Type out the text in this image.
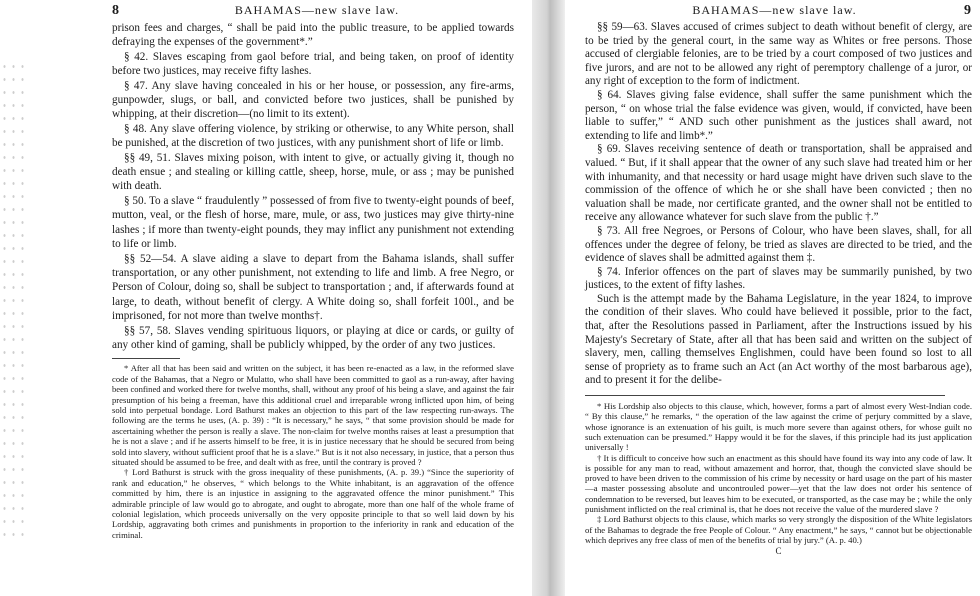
8	BAHAMAS—new slave law.

prison fees and charges, “ shall be paid into the public treasure, to be applied towards defraying the expenses of the government*.”

§ 42. Slaves escaping from gaol before trial, and being taken, on proof of identity before two justices, may receive fifty lashes.

§ 47. Any slave having concealed in his or her house, or possession, any fire-arms, gunpowder, slugs, or ball, and convicted before two justices, shall be punished by whipping, at their discretion—(no limit to its extent).

§ 48. Any slave offering violence, by striking or otherwise, to any White person, shall be punished, at the discretion of two justices, with any punishment short of life or limb.

§§ 49, 51. Slaves mixing poison, with intent to give, or actually giving it, though no death ensue ; and stealing or killing cattle, sheep, horse, mule, or ass ; may be punished with death.

§ 50. To a slave “ fraudulently ” possessed of from five to twenty-eight pounds of beef, mutton, veal, or the flesh of horse, mare, mule, or ass, two justices may give thirty-nine lashes ; if more than twenty-eight pounds, they may inflict any punishment not extending to life or limb.

§§ 52—54. A slave aiding a slave to depart from the Bahama islands, shall suffer transportation, or any other punishment, not extending to life and limb. A free Negro, or Person of Colour, doing so, shall be subject to transportation ; and, if afterwards found at large, to death, without benefit of clergy. A White doing so, shall forfeit 100l., and be imprisoned, for not more than twelve months†.

§§ 57, 58. Slaves vending spirituous liquors, or playing at dice or cards, or guilty of any other kind of gaming, shall be publicly whipped, by the order of any two justices.

* After all that has been said and written on the subject, it has been re-enacted as a law, in the reformed slave code of the Bahamas, that a Negro or Mulatto, who shall have been committed to gaol as a run-away, after having been confined and worked there for twelve months, shall, without any proof of his being a slave, and against the fair presumption of his being a freeman, have this additional cruel and irreparable wrong inflicted upon him, of being sold into perpetual bondage. Lord Bathurst makes an objection to this part of the law respecting run-aways. The following are the terms he uses, (A. p. 39) : “It is necessary,” he says, “ that some provision should be made for ascertaining whether the person is really a slave. The non-claim for twelve months raises at least a presumption that he is not a slave ; and if he asserts himself to be free, it is in justice necessary that he should be secured from being sold into slavery, without sufficient proof that he is a slave.” But is it not also necessary, in justice, that a person thus situated should be assumed to be free, and dealt with as free, until the contrary is proved ?

† Lord Bathurst is struck with the gross inequality of these punishments, (A. p. 39.) “Since the superiority of rank and education,” he observes, “ which belongs to the White inhabitant, is an aggravation of the offence committed by him, there is an injustice in assigning to the aggravated offence the minor punishment.” This admirable principle of law would go to abrogate, and ought to abrogate, more than one half of the whole frame of colonial legislation, which proceeds universally on the very opposite principle to that so well laid down by his Lordship, aggravating both crimes and punishments in proportion to the inferiority in rank and education of the criminal.

BAHAMAS—new slave law.	9

§§ 59—63. Slaves accused of crimes subject to death without benefit of clergy, are to be tried by the general court, in the same way as Whites or free persons. Those accused of clergiable felonies, are to be tried by a court composed of two justices and five jurors, and are not to be allowed any right of peremptory challenge of a juror, or any right of exception to the form of indictment.

§ 64. Slaves giving false evidence, shall suffer the same punishment which the person, “ on whose trial the false evidence was given, would, if convicted, have been liable to suffer,” “ AND such other punishment as the justices shall award, not extending to life and limb*.”

§ 69. Slaves receiving sentence of death or transportation, shall be appraised and valued. “ But, if it shall appear that the owner of any such slave had treated him or her with inhumanity, and that necessity or hard usage might have driven such slave to the commission of the offence of which he or she shall have been convicted ; then no valuation shall be made, nor certificate granted, and the owner shall not be entitled to receive any allowance whatever for such slave from the public †.”

§ 73. All free Negroes, or Persons of Colour, who have been slaves, shall, for all offences under the degree of felony, be tried as slaves are directed to be tried, and the evidence of slaves shall be admitted against them ‡.

§ 74. Inferior offences on the part of slaves may be summarily punished, by two justices, to the extent of fifty lashes.

Such is the attempt made by the Bahama Legislature, in the year 1824, to improve the condition of their slaves. Who could have believed it possible, prior to the fact, that, after the Resolutions passed in Parliament, after the Instructions issued by his Majesty's Secretary of State, after all that has been said and written on the subject of slavery, men, calling themselves Englishmen, could have been found so lost to all sense of propriety as to frame such an Act (an Act worthy of the most barbarous age), and to present it for the delibe-

* His Lordship also objects to this clause, which, however, forms a part of almost every West-Indian code. “ By this clause,” he remarks, “ the operation of the law against the crime of perjury committed by a slave, whose ignorance is an extenuation of his guilt, is much more severe than against others, for whose guilt no such extenuation can be presumed.” Happy would it be for the slaves, if this principle had its just application universally !

† It is difficult to conceive how such an enactment as this should have found its way into any code of law. It is possible for any man to read, without amazement and horror, that, though the convicted slave should be proved to have been driven to the commission of his crime by necessity or hard usage on the part of his master—a master possessing absolute and uncontrouled power—yet that the law does not order his sentence of condemnation to be reversed, but leaves him to be executed, or transported, as the case may be ; while the only punishment inflicted on the real criminal is, that he does not receive the value of the murdered slave ?

‡ Lord Bathurst objects to this clause, which marks so very strongly the disposition of the White legislators of the Bahamas to degrade the free People of Colour. “ Any enactment,” he says, “ cannot but be objectionable which deprives any free class of men of the benefits of trial by jury.” (A. p. 40.)

C
